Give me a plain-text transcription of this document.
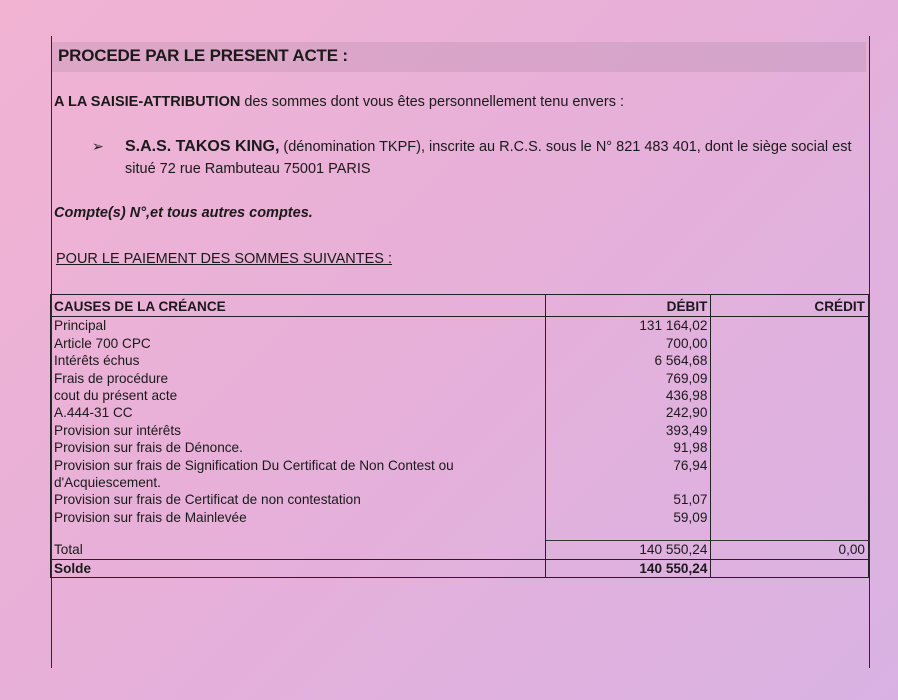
PROCEDE PAR LE PRESENT ACTE :
A LA SAISIE-ATTRIBUTION des sommes dont vous êtes personnellement tenu envers :
➢ S.A.S. TAKOS KING, (dénomination TKPF), inscrite au R.C.S. sous le N° 821 483 401, dont le siège social est situé 72 rue Rambuteau 75001 PARIS
Compte(s) N°,et tous autres comptes.
POUR LE PAIEMENT DES SOMMES SUIVANTES :
CAUSES DE LA CRÉANCE	DÉBIT	CRÉDIT
Principal	131 164,02	
Article 700 CPC	700,00	
Intérêts échus	6 564,68	
Frais de procédure	769,09	
cout du présent acte	436,98	
A.444-31 CC	242,90	
Provision sur intérêts	393,49	
Provision sur frais de Dénonce.	91,98	
Provision sur frais de Signification Du Certificat de Non Contest ou d'Acquiescement.	76,94	
Provision sur frais de Certificat de non contestation	51,07	
Provision sur frais de Mainlevée	59,09	

Total	140 550,24	0,00
Solde	140 550,24	
